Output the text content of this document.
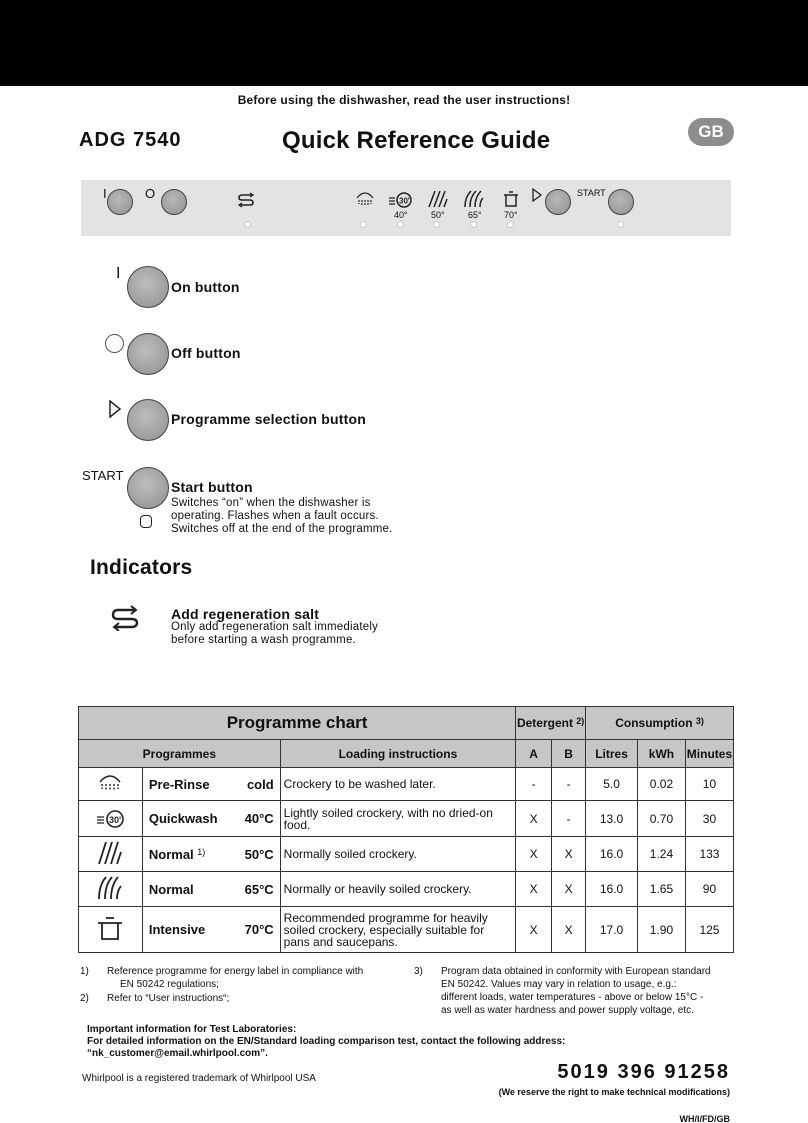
Before using the dishwasher, read the user instructions!
ADG 7540	Quick Reference Guide	GB
I	O	30'
40°	50°	65° 70°
START
I
On button
Off button
Programme selection button
START
Start button
Switches “on” when the dishwasher is
operating. Flashes when a fault occurs.
Switches off at the end of the programme.
Indicators
Add regeneration salt
Only add regeneration salt immediately
before starting a wash programme.
Programme chart			Detergent $^{2)}$		Consumption $^{3)}$
Programmes		Loading instructions	A	B	Litres	kWh	Minutes
	Pre-Rinse cold	Crockery to be washed later.	-	-	5.0	0.02	10

30'	Quickwash 40°C	Lightly soiled crockery, with no dried-on food.	X	-	13.0	0.70	30
	Normal $^{1)}$ 50°C	Normally soiled crockery.	X	X	16.0	1.24	133
	Normal 65°C	Normally or heavily soiled crockery.	X	X	16.0	1.65	90
	Intensive 70°C	Recommended programme for heavily soiled crockery, especially suitable for pans and saucepans.	X	X	17.0	1.90	125
1) Reference programme for energy label in compliance with
EN 50242 regulations;
2) Refer to “User instructions“;
3) Program data obtained in conformity with European standard
EN 50242. Values may vary in relation to usage, e.g.:
different loads, water temperatures - above or below 15°C -
as well as water hardness and power supply voltage, etc.
Important information for Test Laboratories:
For detailed information on the EN/Standard loading comparison test, contact the following address:
“nk_customer@email.whirlpool.com”.
Whirlpool is a registered trademark of Whirlpool USA	5019 396 91258
(We reserve the right to make technical modifications)
WH/I/FD/GB
